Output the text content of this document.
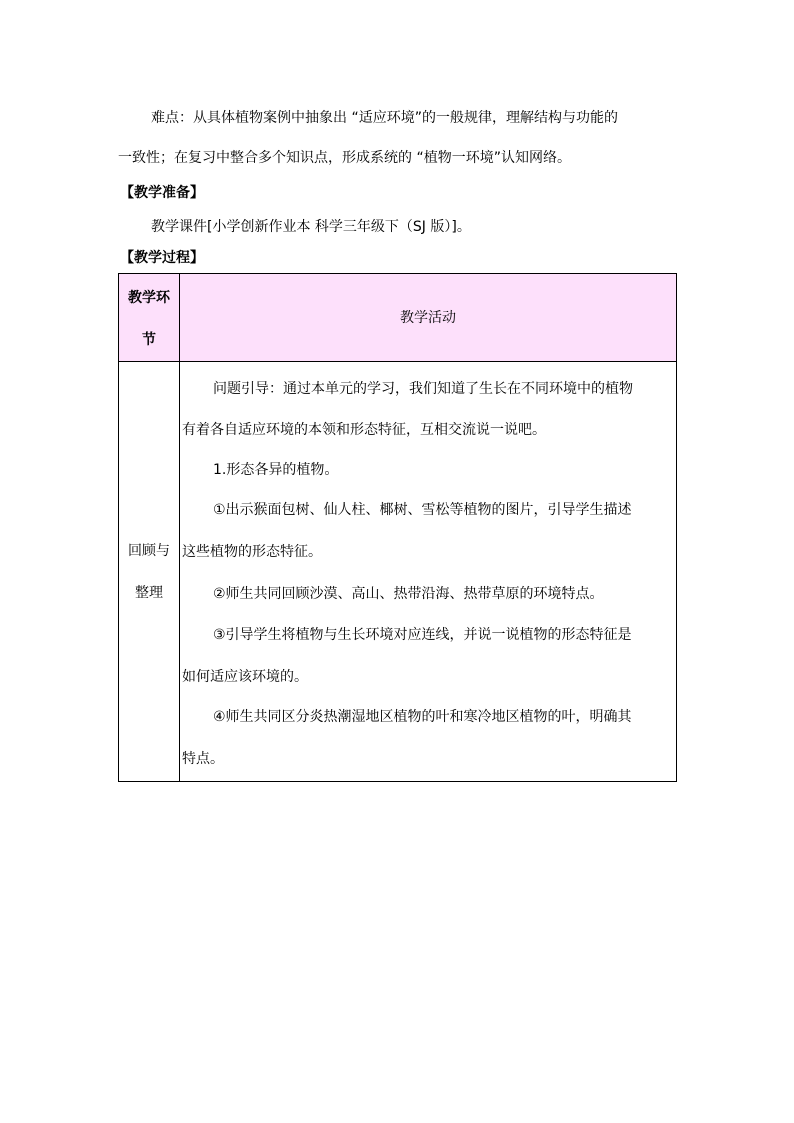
难点：从具体植物案例中抽象出 “适应环境”的一般规律，理解结构与功能的
一致性；在复习中整合多个知识点，形成系统的 “植物一环境”认知网络。
【教学准备】
教学课件[小学创新作业本 科学三年级下（SJ 版）]。
【教学过程】
教学环
节
教学活动
回顾与
整理
问题引导：通过本单元的学习，我们知道了生长在不同环境中的植物
有着各自适应环境的本领和形态特征，互相交流说一说吧。
1.形态各异的植物。
①出示猴面包树、仙人柱、椰树、雪松等植物的图片，引导学生描述
这些植物的形态特征。
②师生共同回顾沙漠、高山、热带沿海、热带草原的环境特点。
③引导学生将植物与生长环境对应连线，并说一说植物的形态特征是
如何适应该环境的。
④师生共同区分炎热潮湿地区植物的叶和寒冷地区植物的叶，明确其
特点。
